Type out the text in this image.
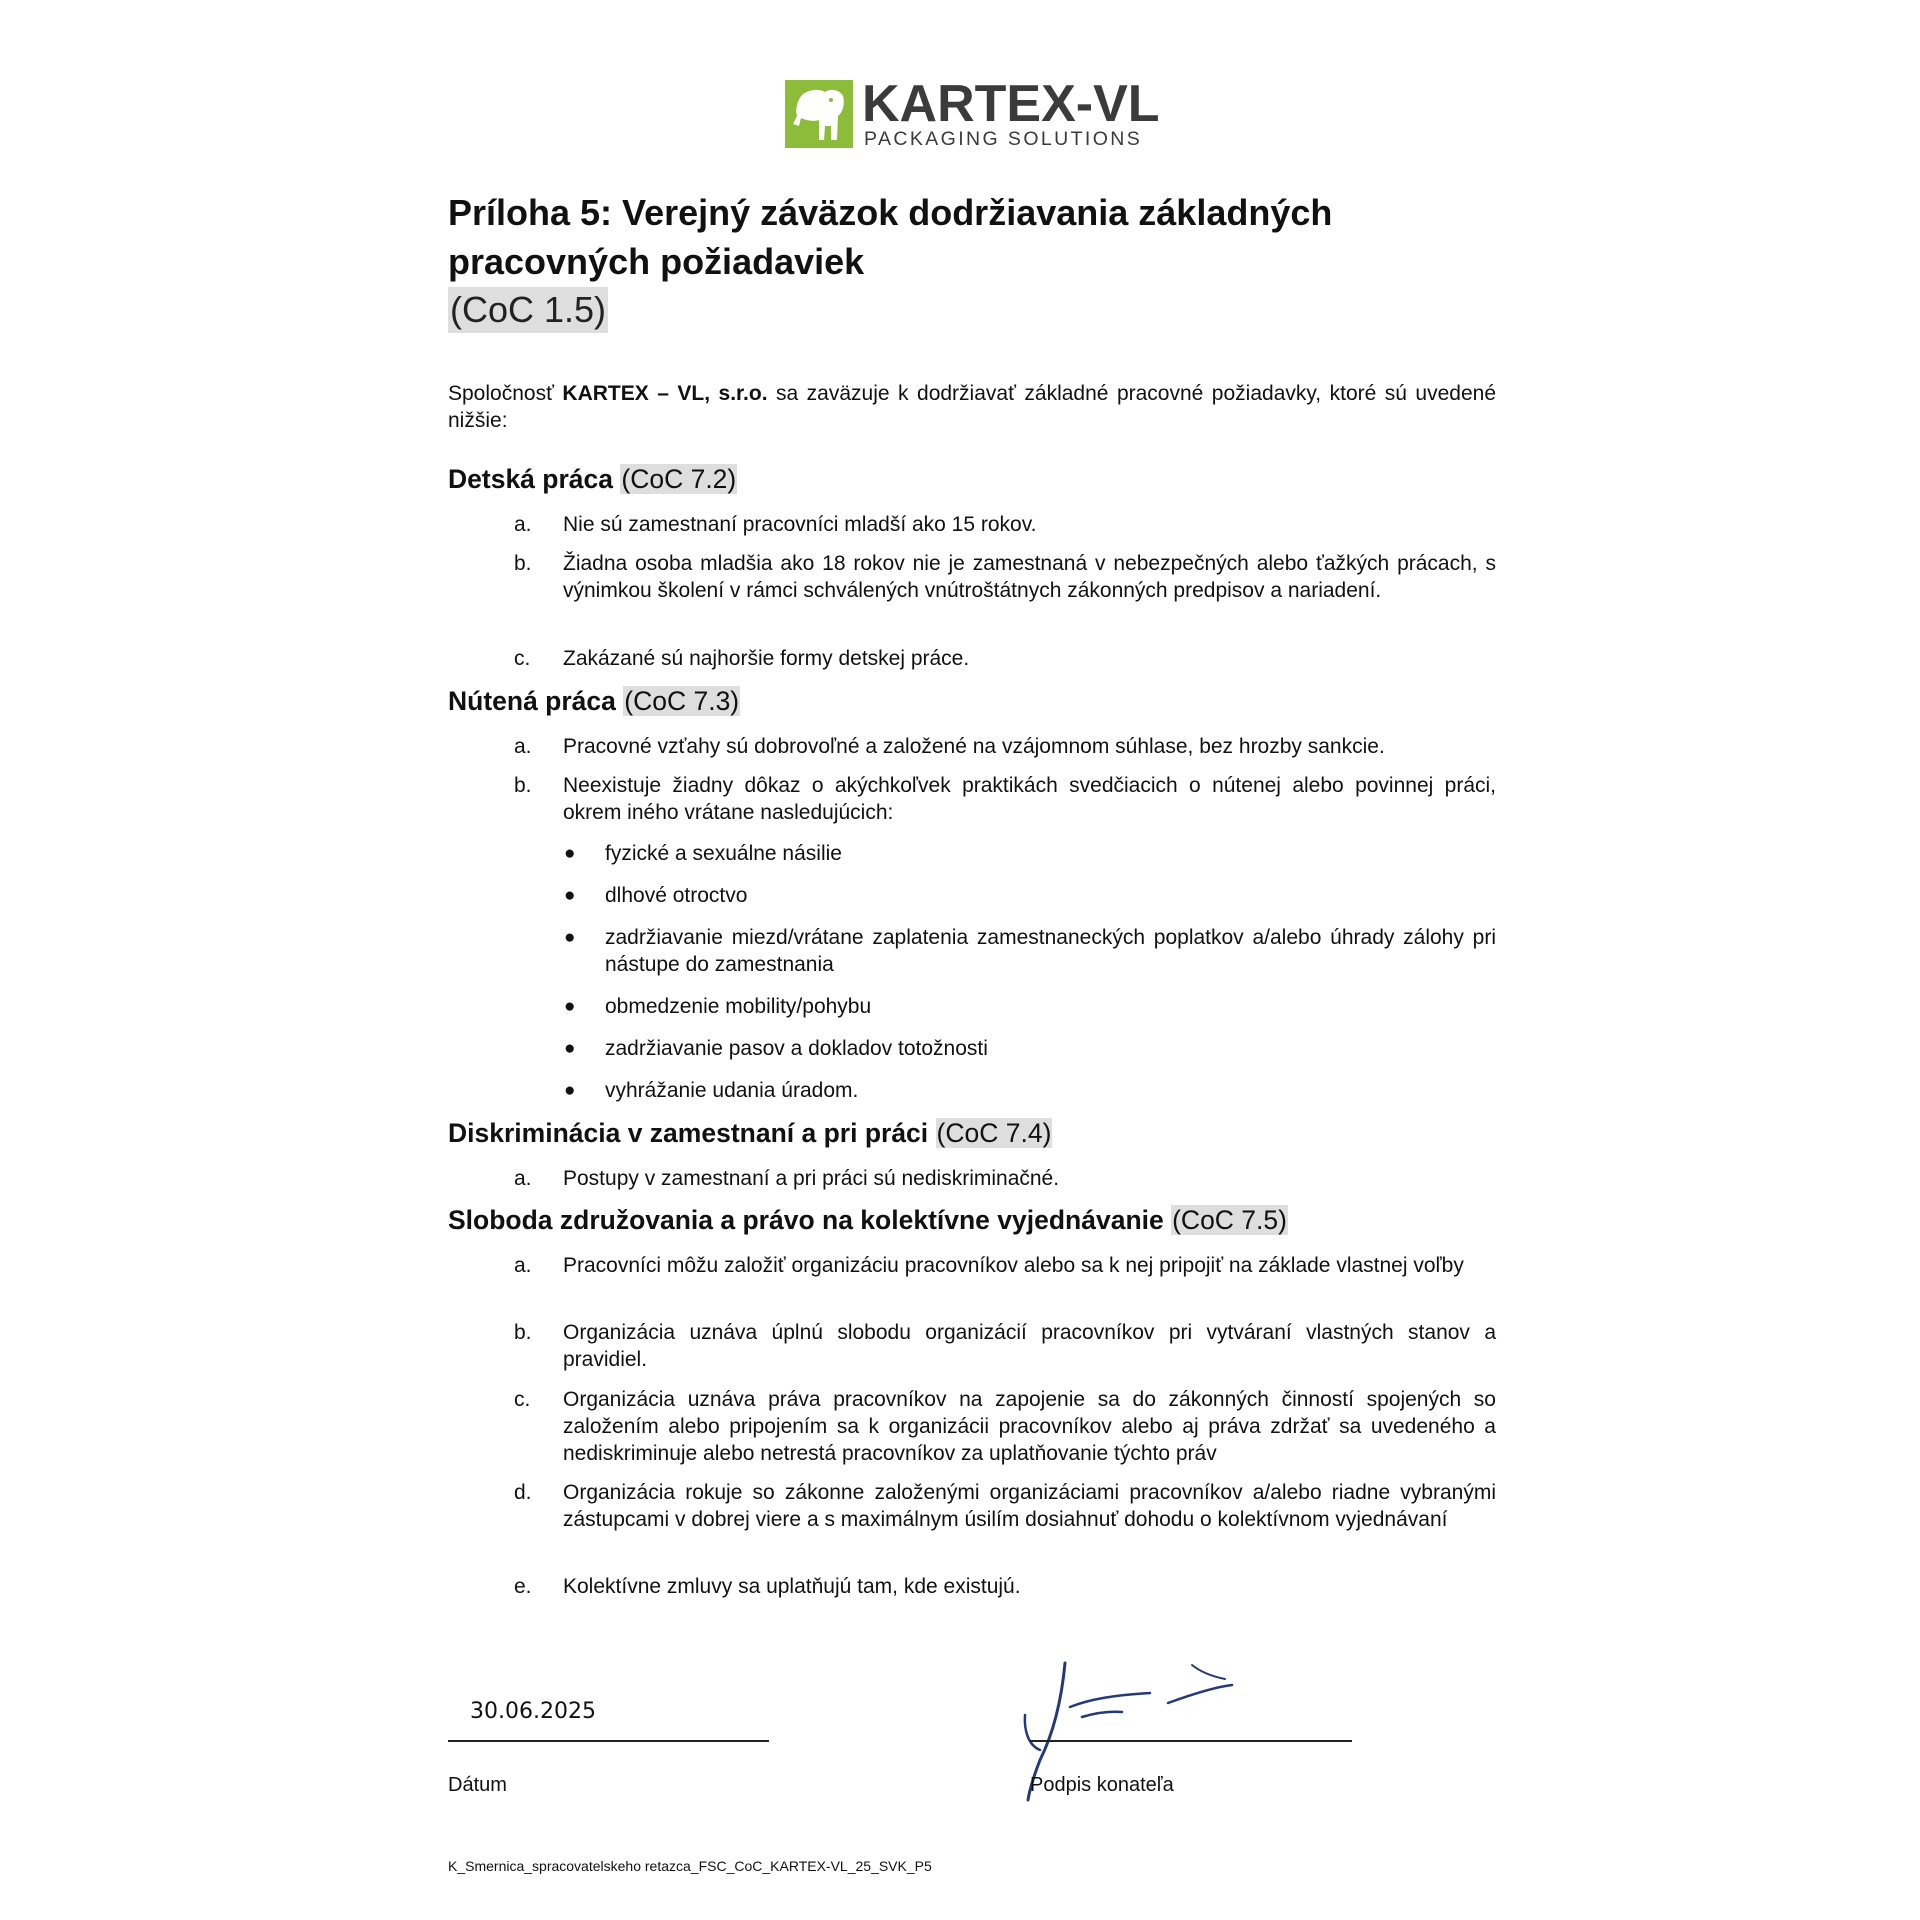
KARTEX-VL
PACKAGING SOLUTIONS
Príloha 5: Verejný záväzok dodržiavania základných
pracovných požiadaviek
(CoC 1.5)
Spoločnosť KARTEX – VL, s.r.o. sa zaväzuje k dodržiavať základné pracovné požiadavky, ktoré sú uvedené nižšie:
Detská práca (CoC 7.2)
a. Nie sú zamestnaní pracovníci mladší ako 15 rokov.
b. Žiadna osoba mladšia ako 18 rokov nie je zamestnaná v nebezpečných alebo ťažkých prácach, s výnimkou školení v rámci schválených vnútroštátnych zákonných predpisov a nariadení.
c. Zakázané sú najhoršie formy detskej práce.
Nútená práca (CoC 7.3)
a. Pracovné vzťahy sú dobrovoľné a založené na vzájomnom súhlase, bez hrozby sankcie.
b. Neexistuje žiadny dôkaz o akýchkoľvek praktikách svedčiacich o nútenej alebo povinnej práci, okrem iného vrátane nasledujúcich:
● fyzické a sexuálne násilie
● dlhové otroctvo
● zadržiavanie miezd/vrátane zaplatenia zamestnaneckých poplatkov a/alebo úhrady zálohy pri nástupe do zamestnania
● obmedzenie mobility/pohybu
● zadržiavanie pasov a dokladov totožnosti
● vyhrážanie udania úradom.
Diskriminácia v zamestnaní a pri práci (CoC 7.4)
a. Postupy v zamestnaní a pri práci sú nediskriminačné.
Sloboda združovania a právo na kolektívne vyjednávanie (CoC 7.5)
a. Pracovníci môžu založiť organizáciu pracovníkov alebo sa k nej pripojiť na základe vlastnej voľby
b. Organizácia uznáva úplnú slobodu organizácií pracovníkov pri vytváraní vlastných stanov a pravidiel.
c. Organizácia uznáva práva pracovníkov na zapojenie sa do zákonných činností spojených so založením alebo pripojením sa k organizácii pracovníkov alebo aj práva zdržať sa uvedeného a nediskriminuje alebo netrestá pracovníkov za uplatňovanie týchto práv
d. Organizácia rokuje so zákonne založenými organizáciami pracovníkov a/alebo riadne vybranými zástupcami v dobrej viere a s maximálnym úsilím dosiahnuť dohodu o kolektívnom vyjednávaní
e. Kolektívne zmluvy sa uplatňujú tam, kde existujú.
30.06.2025
Dátum	Podpis konateľa
K_Smernica_spracovatelskeho retazca_FSC_CoC_KARTEX-VL_25_SVK_P5
